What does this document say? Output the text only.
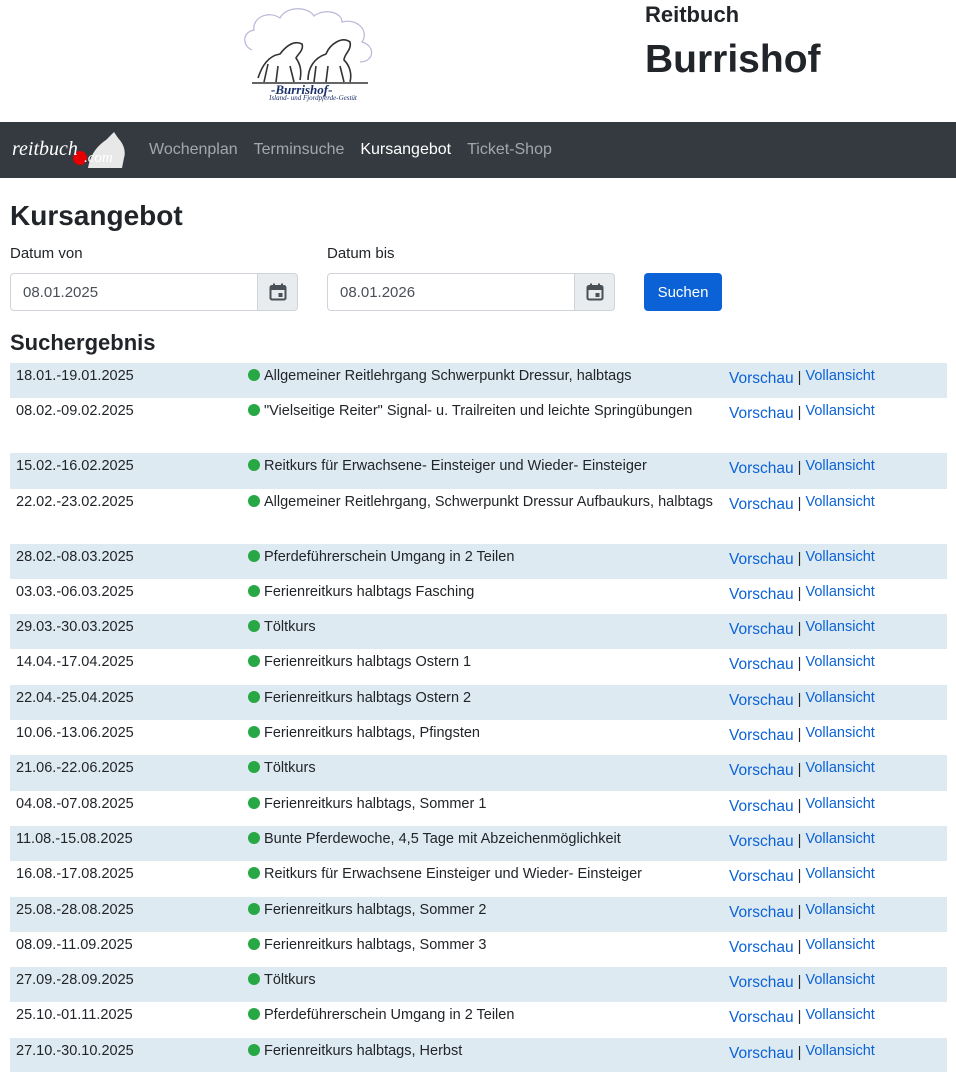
-Burrishof-
Island- und Fjordpferde-Gestüt
Reitbuch
Burrishof
reitbuch .com Wochenplan Terminsuche Kursangebot Ticket-Shop
Kursangebot
Datum von
08.01.2025	Datum bis
08.01.2026
Suchen
Suchergebnis
18.01.-19.01.2025	Allgemeiner Reitlehrgang Schwerpunkt Dressur, halbtags	Vorschau | Vollansicht
08.02.-09.02.2025	"Vielseitige Reiter" Signal- u. Trailreiten und leichte Springübungen	Vorschau | Vollansicht
15.02.-16.02.2025	Reitkurs für Erwachsene- Einsteiger und Wieder- Einsteiger	Vorschau | Vollansicht
22.02.-23.02.2025	Allgemeiner Reitlehrgang, Schwerpunkt Dressur Aufbaukurs, halbtags	Vorschau | Vollansicht
28.02.-08.03.2025	Pferdeführerschein Umgang in 2 Teilen	Vorschau | Vollansicht
03.03.-06.03.2025	Ferienreitkurs halbtags Fasching	Vorschau | Vollansicht
29.03.-30.03.2025	Töltkurs	Vorschau | Vollansicht
14.04.-17.04.2025	Ferienreitkurs halbtags Ostern 1	Vorschau | Vollansicht
22.04.-25.04.2025	Ferienreitkurs halbtags Ostern 2	Vorschau | Vollansicht
10.06.-13.06.2025	Ferienreitkurs halbtags, Pfingsten	Vorschau | Vollansicht
21.06.-22.06.2025	Töltkurs	Vorschau | Vollansicht
04.08.-07.08.2025	Ferienreitkurs halbtags, Sommer 1	Vorschau | Vollansicht
11.08.-15.08.2025	Bunte Pferdewoche, 4,5 Tage mit Abzeichenmöglichkeit	Vorschau | Vollansicht
16.08.-17.08.2025	Reitkurs für Erwachsene Einsteiger und Wieder- Einsteiger	Vorschau | Vollansicht
25.08.-28.08.2025	Ferienreitkurs halbtags, Sommer 2	Vorschau | Vollansicht
08.09.-11.09.2025	Ferienreitkurs halbtags, Sommer 3	Vorschau | Vollansicht
27.09.-28.09.2025	Töltkurs	Vorschau | Vollansicht
25.10.-01.11.2025	Pferdeführerschein Umgang in 2 Teilen	Vorschau | Vollansicht
27.10.-30.10.2025	Ferienreitkurs halbtags, Herbst	Vorschau | Vollansicht
